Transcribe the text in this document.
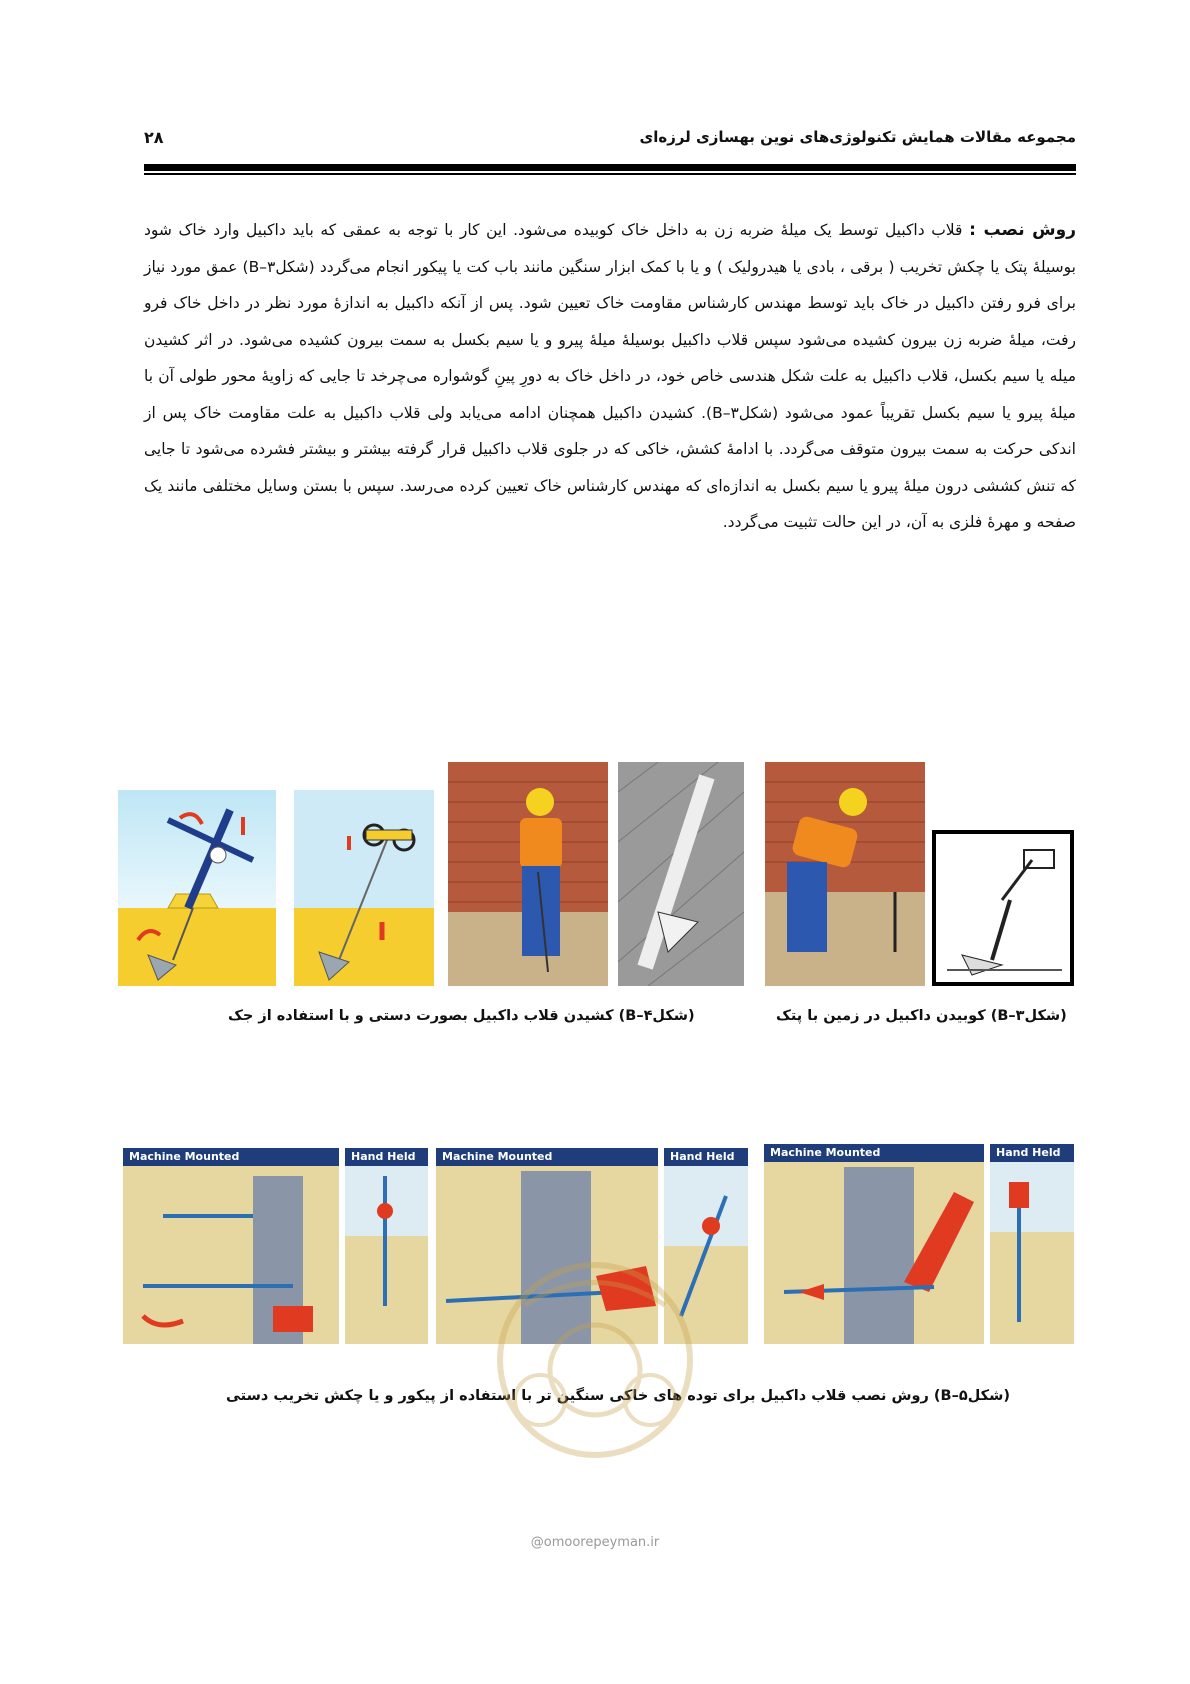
مجموعه مقالات همایش تکنولوژی‌های نوین بهسازی لرزه‌ای
۲۸
روش نصب : قلاب داکبیل توسط یک میلهٔ ضربه زن به داخل خاک کوبیده می‌شود. این کار با توجه به عمقی که باید داکبیل وارد خاک شود بوسیلهٔ پتک یا چکش تخریب ( برقی ، بادی یا هیدرولیک ) و یا با کمک ابزار سنگین مانند باب کت یا پیکور انجام می‌گردد (شکل۳–B) عمق مورد نیاز برای فرو رفتن داکبیل در خاک باید توسط مهندس کارشناس مقاومت خاک تعیین شود. پس از آنکه داکبیل به اندازهٔ مورد نظر در داخل خاک فرو رفت، میلهٔ ضربه زن بیرون کشیده می‌شود سپس قلاب داکبیل بوسیلهٔ میلهٔ پیرو و یا سیم بکسل به سمت بیرون کشیده می‌شود. در اثر کشیدن میله یا سیم بکسل، قلاب داکبیل به علت شکل هندسی خاص خود، در داخل خاک به دورِ پینِ گوشواره می‌چرخد تا جایی که زاویهٔ محور طولی آن با میلهٔ پیرو یا سیم بکسل تقریباً عمود می‌شود (شکل۳–B). کشیدن داکبیل همچنان ادامه می‌یابد ولی قلاب داکبیل به علت مقاومت خاک پس از اندکی حرکت به سمت بیرون متوقف می‌گردد. با ادامهٔ کشش، خاکی که در جلوی قلاب داکبیل قرار گرفته بیشتر و بیشتر فشرده می‌شود تا جایی که تنش کششی درون میلهٔ پیرو یا سیم بکسل به اندازه‌ای که مهندس کارشناس خاک تعیین کرده می‌رسد. سپس با بستن وسایل مختلفی مانند یک صفحه و مهرهٔ فلزی به آن، در این حالت تثبیت می‌گردد.
(شکل۴–B) کشیدن قلاب داکبیل بصورت دستی و با استفاده از جک	(شکل۳–B) کوبیدن داکبیل در زمین با پتک
Machine Mounted	Hand Held	Machine Mounted	Hand Held	Machine Mounted	Hand Held
(شکل۵–B) روش نصب قلاب داکبیل برای توده های خاکی سنگین تر با استفاده از پیکور و یا چکش تخریب دستی
@omoorepeyman.ir
